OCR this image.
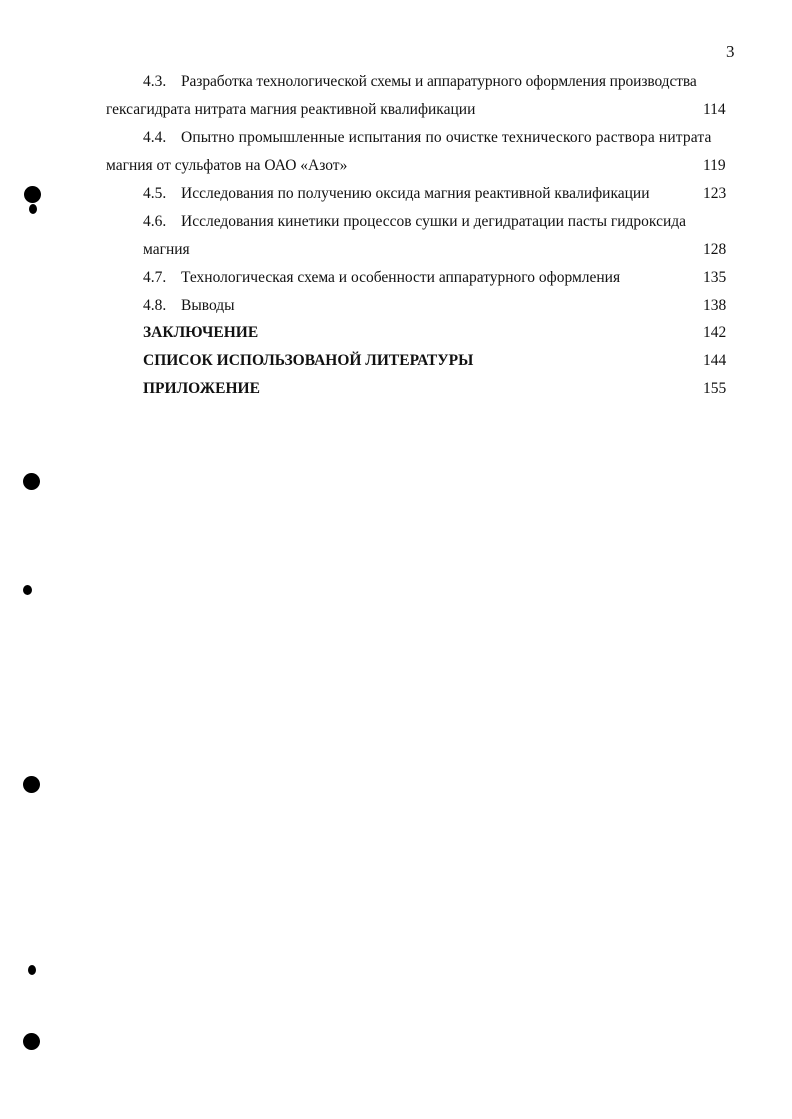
3
4.3. Разработка технологической схемы и аппаратурного оформления производства
гексагидрата нитрата магния реактивной квалификации	114
4.4. Опытно промышленные испытания по очистке технического раствора нитрата
магния от сульфатов на ОАО «Азот»	119
4.5. Исследования по получению оксида магния реактивной квалификации	123
4.6. Исследования кинетики процессов сушки и дегидратации пасты гидроксида
магния	128
4.7. Технологическая схема и особенности аппаратурного оформления	135
4.8. Выводы	138
ЗАКЛЮЧЕНИЕ	142
СПИСОК ИСПОЛЬЗОВАНОЙ ЛИТЕРАТУРЫ	144
ПРИЛОЖЕНИЕ	155
